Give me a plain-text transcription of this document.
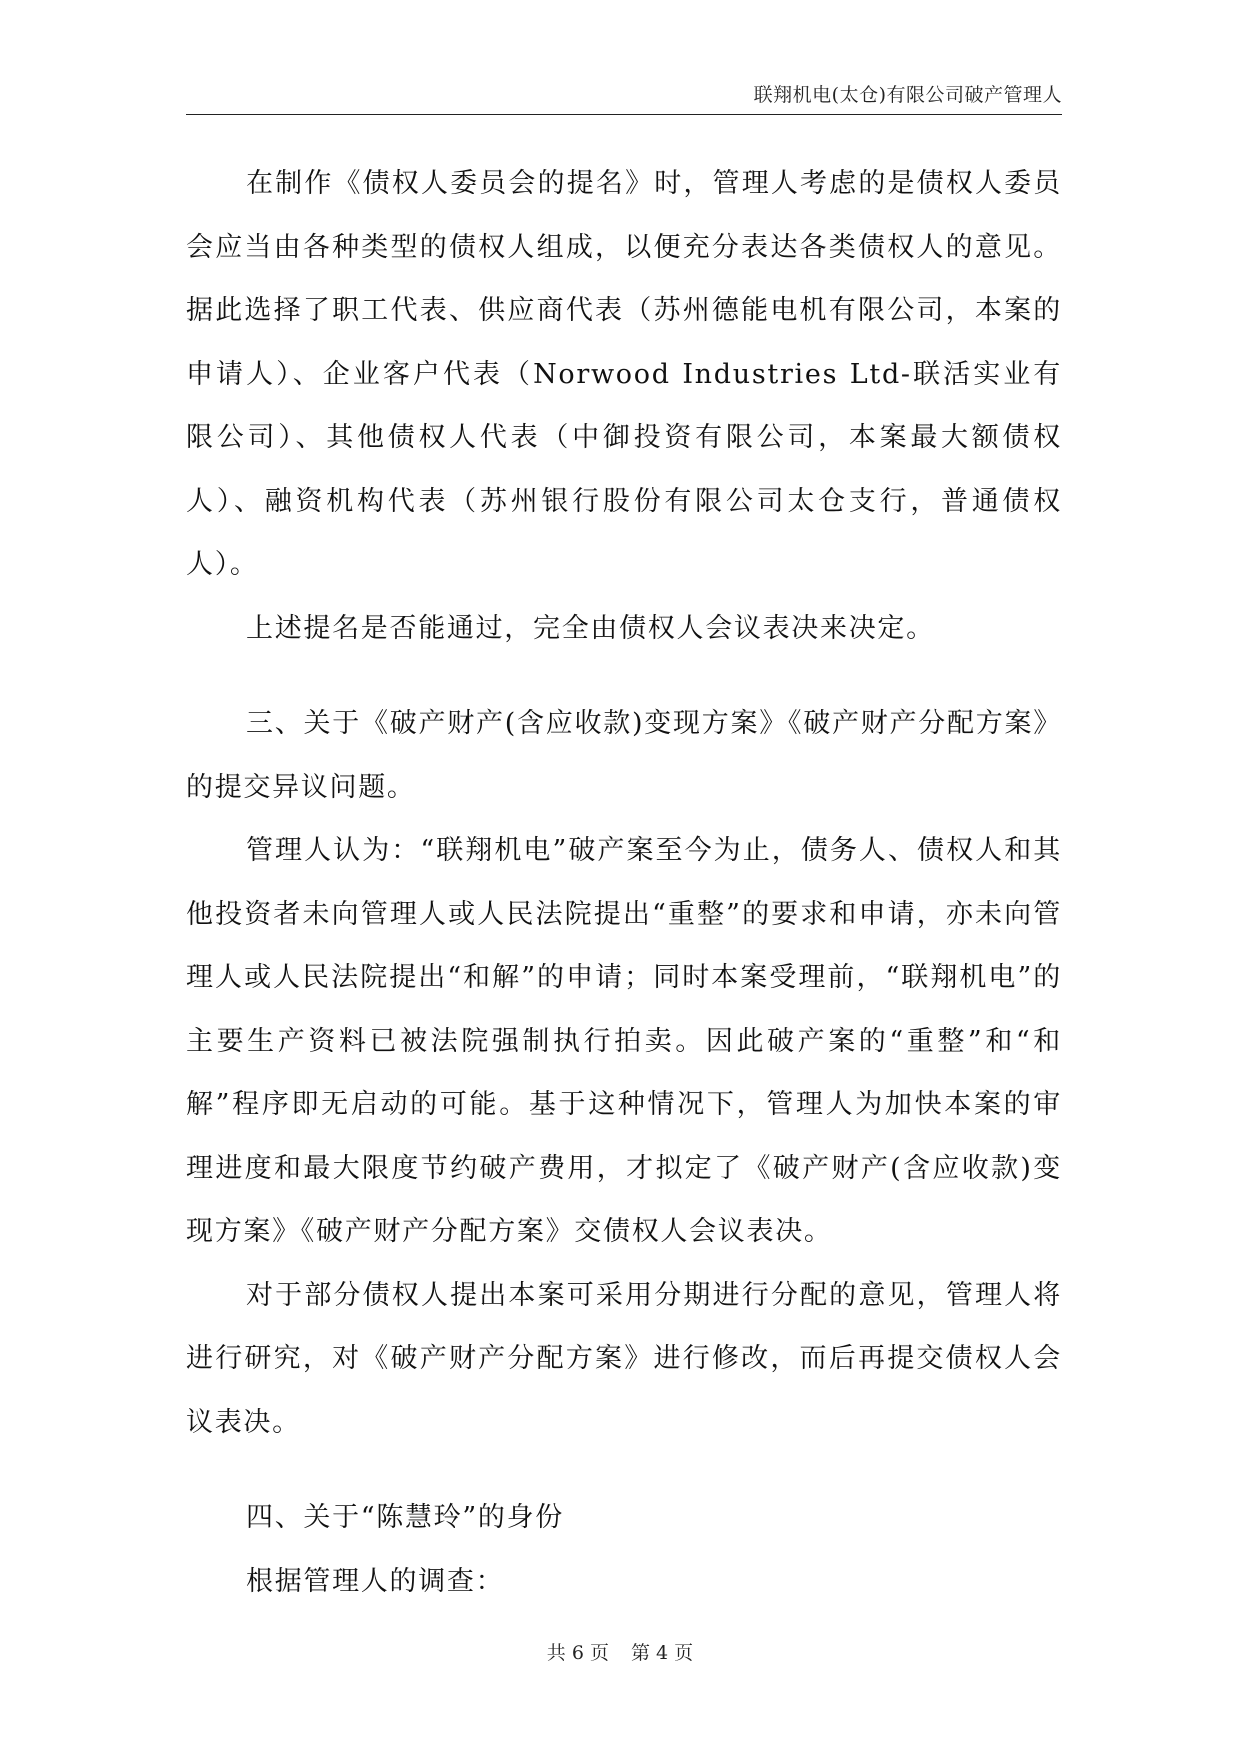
联翔机电(太仓)有限公司破产管理人

在制作《债权人委员会的提名》时，管理人考虑的是债权人委员会应当由各种类型的债权人组成，以便充分表达各类债权人的意见。据此选择了职工代表、供应商代表（苏州德能电机有限公司，本案的申请人）、企业客户代表（Norwood Industries Ltd-联活实业有限公司）、其他债权人代表（中御投资有限公司，本案最大额债权人）、融资机构代表（苏州银行股份有限公司太仓支行，普通债权人）。

上述提名是否能通过，完全由债权人会议表决来决定。

三、关于《破产财产(含应收款)变现方案》《破产财产分配方案》的提交异议问题。

管理人认为：“联翔机电”破产案至今为止，债务人、债权人和其他投资者未向管理人或人民法院提出“重整”的要求和申请，亦未向管理人或人民法院提出“和解”的申请；同时本案受理前，“联翔机电”的主要生产资料已被法院强制执行拍卖。因此破产案的“重整”和“和解”程序即无启动的可能。基于这种情况下，管理人为加快本案的审理进度和最大限度节约破产费用，才拟定了《破产财产(含应收款)变现方案》《破产财产分配方案》交债权人会议表决。

对于部分债权人提出本案可采用分期进行分配的意见，管理人将进行研究，对《破产财产分配方案》进行修改，而后再提交债权人会议表决。

四、关于“陈慧玲”的身份

根据管理人的调查：

共 6 页 第 4 页
